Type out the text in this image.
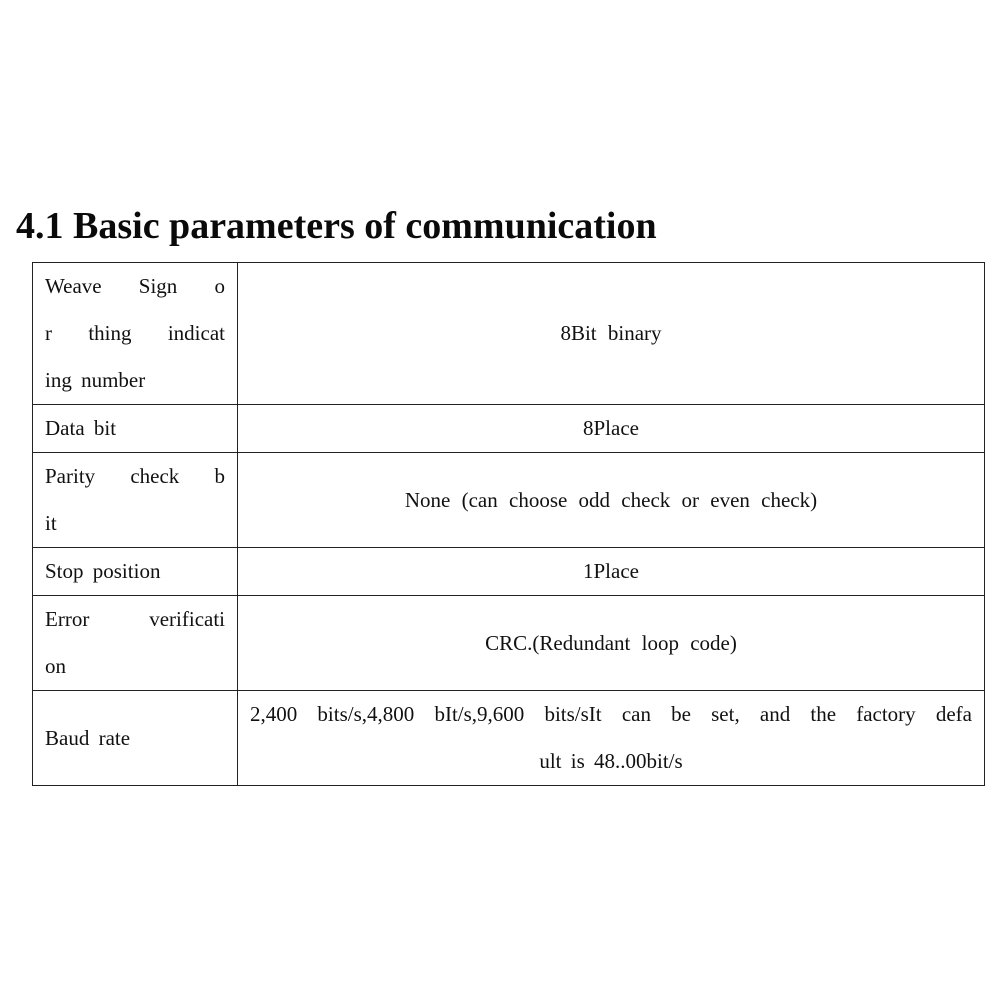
4.1 Basic parameters of communication
Weave Sign o
r thing indicat
ing number	8Bit binary

Data bit	8Place

Parity check b
it	None (can choose odd check or even check)

Stop position	1Place

Error verificati
on	CRC.(Redundant loop code)

Baud rate	2,400 bits/s,4,800 bIt/s,9,600 bits/sIt can be set, and the factory defa
ult is 48..00bit/s
